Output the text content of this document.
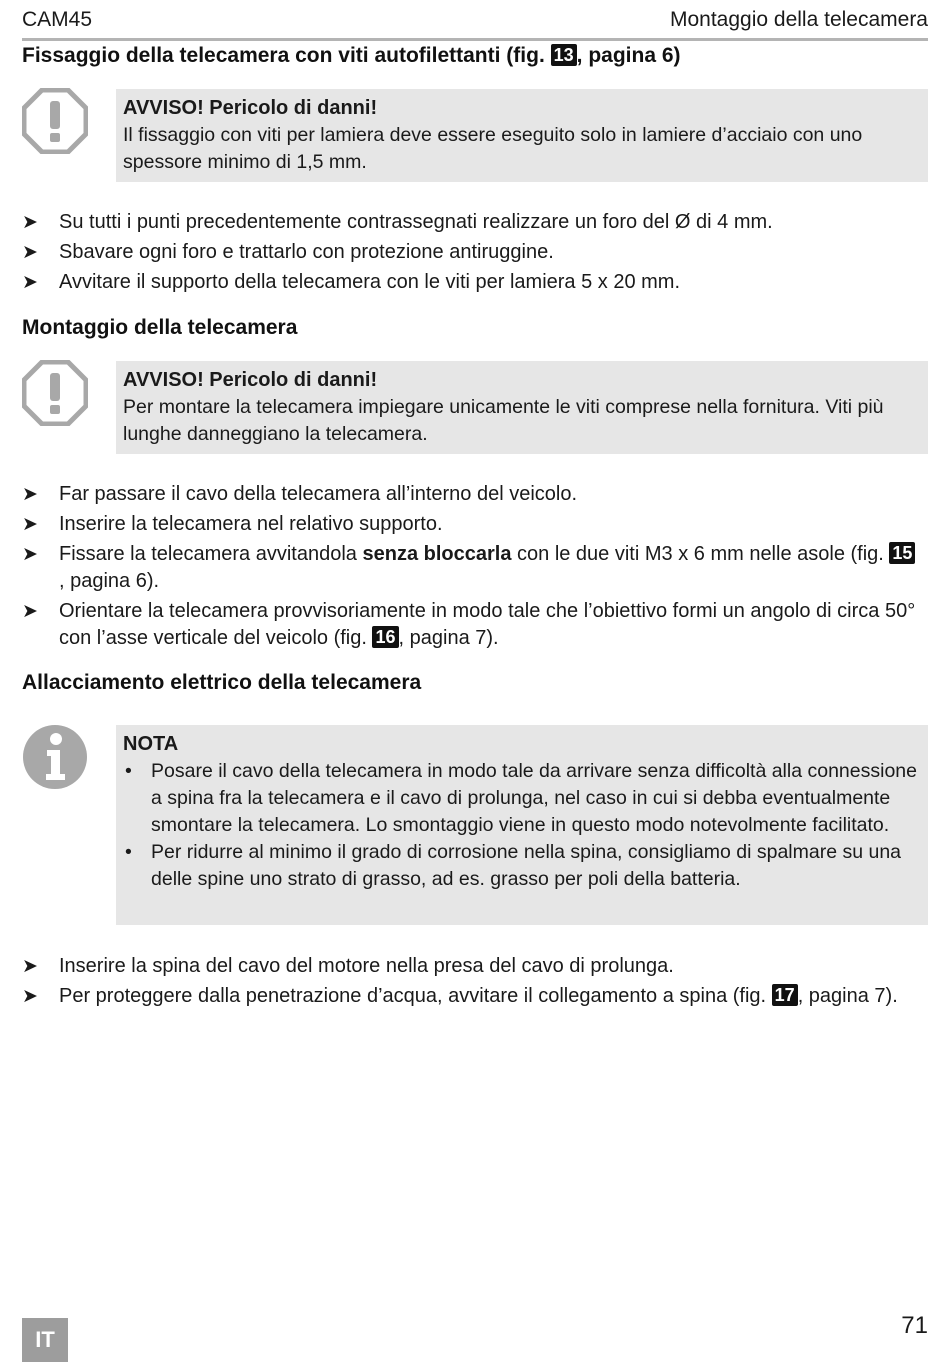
CAM45	Montaggio della telecamera
Fissaggio della telecamera con viti autofilettanti (fig. 13 , pagina 6)
AVVISO! Pericolo di danni!
Il fissaggio con viti per lamiera deve essere eseguito solo in lamiere d’acciaio con uno spessore minimo di 1,5 mm.
➤ Su tutti i punti precedentemente contrassegnati realizzare un foro del Ø di 4 mm.
➤ Sbavare ogni foro e trattarlo con protezione antiruggine.
➤ Avvitare il supporto della telecamera con le viti per lamiera 5 x 20 mm.
Montaggio della telecamera
AVVISO! Pericolo di danni!
Per montare la telecamera impiegare unicamente le viti comprese nella fornitura. Viti più lunghe danneggiano la telecamera.
➤ Far passare il cavo della telecamera all’interno del veicolo.
➤ Inserire la telecamera nel relativo supporto.
➤ Fissare la telecamera avvitandola senza bloccarla con le due viti M3 x 6 mm nelle asole (fig. 15, pagina 6).
➤ Orientare la telecamera provvisoriamente in modo tale che l’obiettivo formi un angolo di circa 50° con l’asse verticale del veicolo (fig. 16 , pagina 7).
Allacciamento elettrico della telecamera
NOTA
• Posare il cavo della telecamera in modo tale da arrivare senza difficoltà alla connessione a spina fra la telecamera e il cavo di prolunga, nel caso in cui si debba eventualmente smontare la telecamera. Lo smontaggio viene in questo modo notevolmente facilitato.
• Per ridurre al minimo il grado di corrosione nella spina, consigliamo di spalmare su una delle spine uno strato di grasso, ad es. grasso per poli della batteria.
➤ Inserire la spina del cavo del motore nella presa del cavo di prolunga.
➤ Per proteggere dalla penetrazione d’acqua, avvitare il collegamento a spina (fig. 17 , pagina 7).
IT
71
